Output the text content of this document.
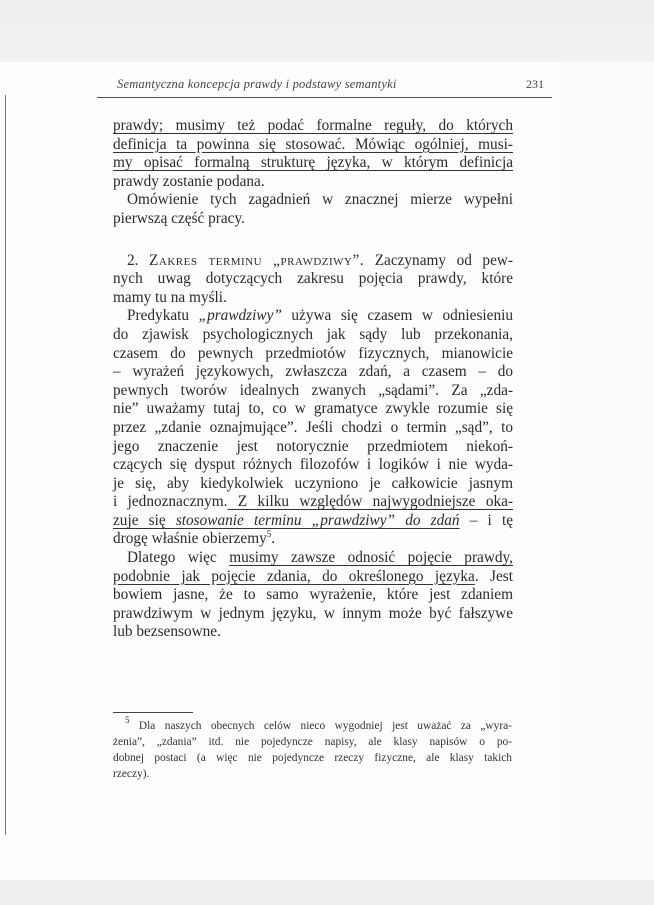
Semantyczna koncepcja prawdy i podstawy semantyki	231
prawdy; musimy też podać formalne reguły, do których
definicja ta powinna się stosować. Mówiąc ogólniej, musi-
my opisać formalną strukturę języka, w którym definicja
prawdy zostanie podana.
Omówienie tych zagadnień w znacznej mierze wypełni
pierwszą część pracy.
2. Zakres terminu „prawdziwy”. Zaczynamy od pew-
nych uwag dotyczących zakresu pojęcia prawdy, które
mamy tu na myśli.
Predykatu „prawdziwy” używa się czasem w odniesieniu
do zjawisk psychologicznych jak sądy lub przekonania,
czasem do pewnych przedmiotów fizycznych, mianowicie
– wyrażeń językowych, zwłaszcza zdań, a czasem – do
pewnych tworów idealnych zwanych „sądami”. Za „zda-
nie” uważamy tutaj to, co w gramatyce zwykle rozumie się
przez „zdanie oznajmujące”. Jeśli chodzi o termin „sąd”, to
jego znaczenie jest notorycznie przedmiotem niekoń-
czących się dysput różnych filozofów i logików i nie wyda-
je się, aby kiedykolwiek uczyniono je całkowicie jasnym
i jednoznacznym. Z kilku względów najwygodniejsze oka-
zuje się stosowanie terminu „prawdziwy” do zdań – i tę
drogę właśnie obierzemy$^5$.
Dlatego więc musimy zawsze odnosić pojęcie prawdy,
podobnie jak pojęcie zdania, do określonego języka. Jest
bowiem jasne, że to samo wyrażenie, które jest zdaniem
prawdziwym w jednym języku, w innym może być fałszywe
lub bezsensowne.
$^5$ Dla naszych obecnych celów nieco wygodniej jest uważać za „wyra-
żenia”, „zdania” itd. nie pojedyncze napisy, ale klasy napisów o po-
dobnej postaci (a więc nie pojedyncze rzeczy fizyczne, ale klasy takich
rzeczy).
